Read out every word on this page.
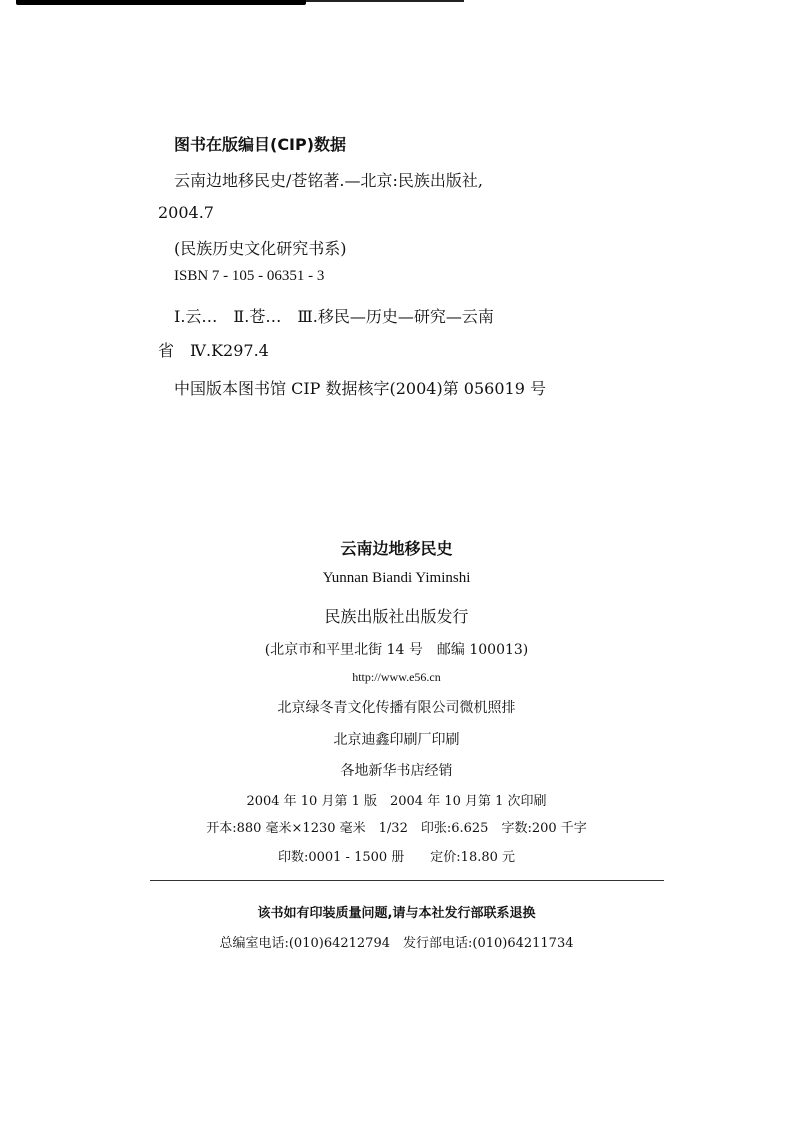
图书在版编目(CIP)数据
云南边地移民史/苍铭著.—北京:民族出版社,
2004.7
(民族历史文化研究书系)
ISBN 7 - 105 - 06351 - 3
Ⅰ.云…　Ⅱ.苍…　Ⅲ.移民—历史—研究—云南
省　Ⅳ.K297.4
中国版本图书馆 CIP 数据核字(2004)第 056019 号
云南边地移民史
Yunnan Biandi Yiminshi
民族出版社出版发行
(北京市和平里北街 14 号　邮编 100013)
http://www.e56.cn
北京绿冬青文化传播有限公司微机照排
北京迪鑫印刷厂印刷
各地新华书店经销
2004 年 10 月第 1 版　2004 年 10 月第 1 次印刷
开本:880 毫米×1230 毫米　1/32　印张:6.625　字数:200 千字
印数:0001 - 1500 册　　定价:18.80 元
该书如有印装质量问题,请与本社发行部联系退换
总编室电话:(010)64212794　发行部电话:(010)64211734
